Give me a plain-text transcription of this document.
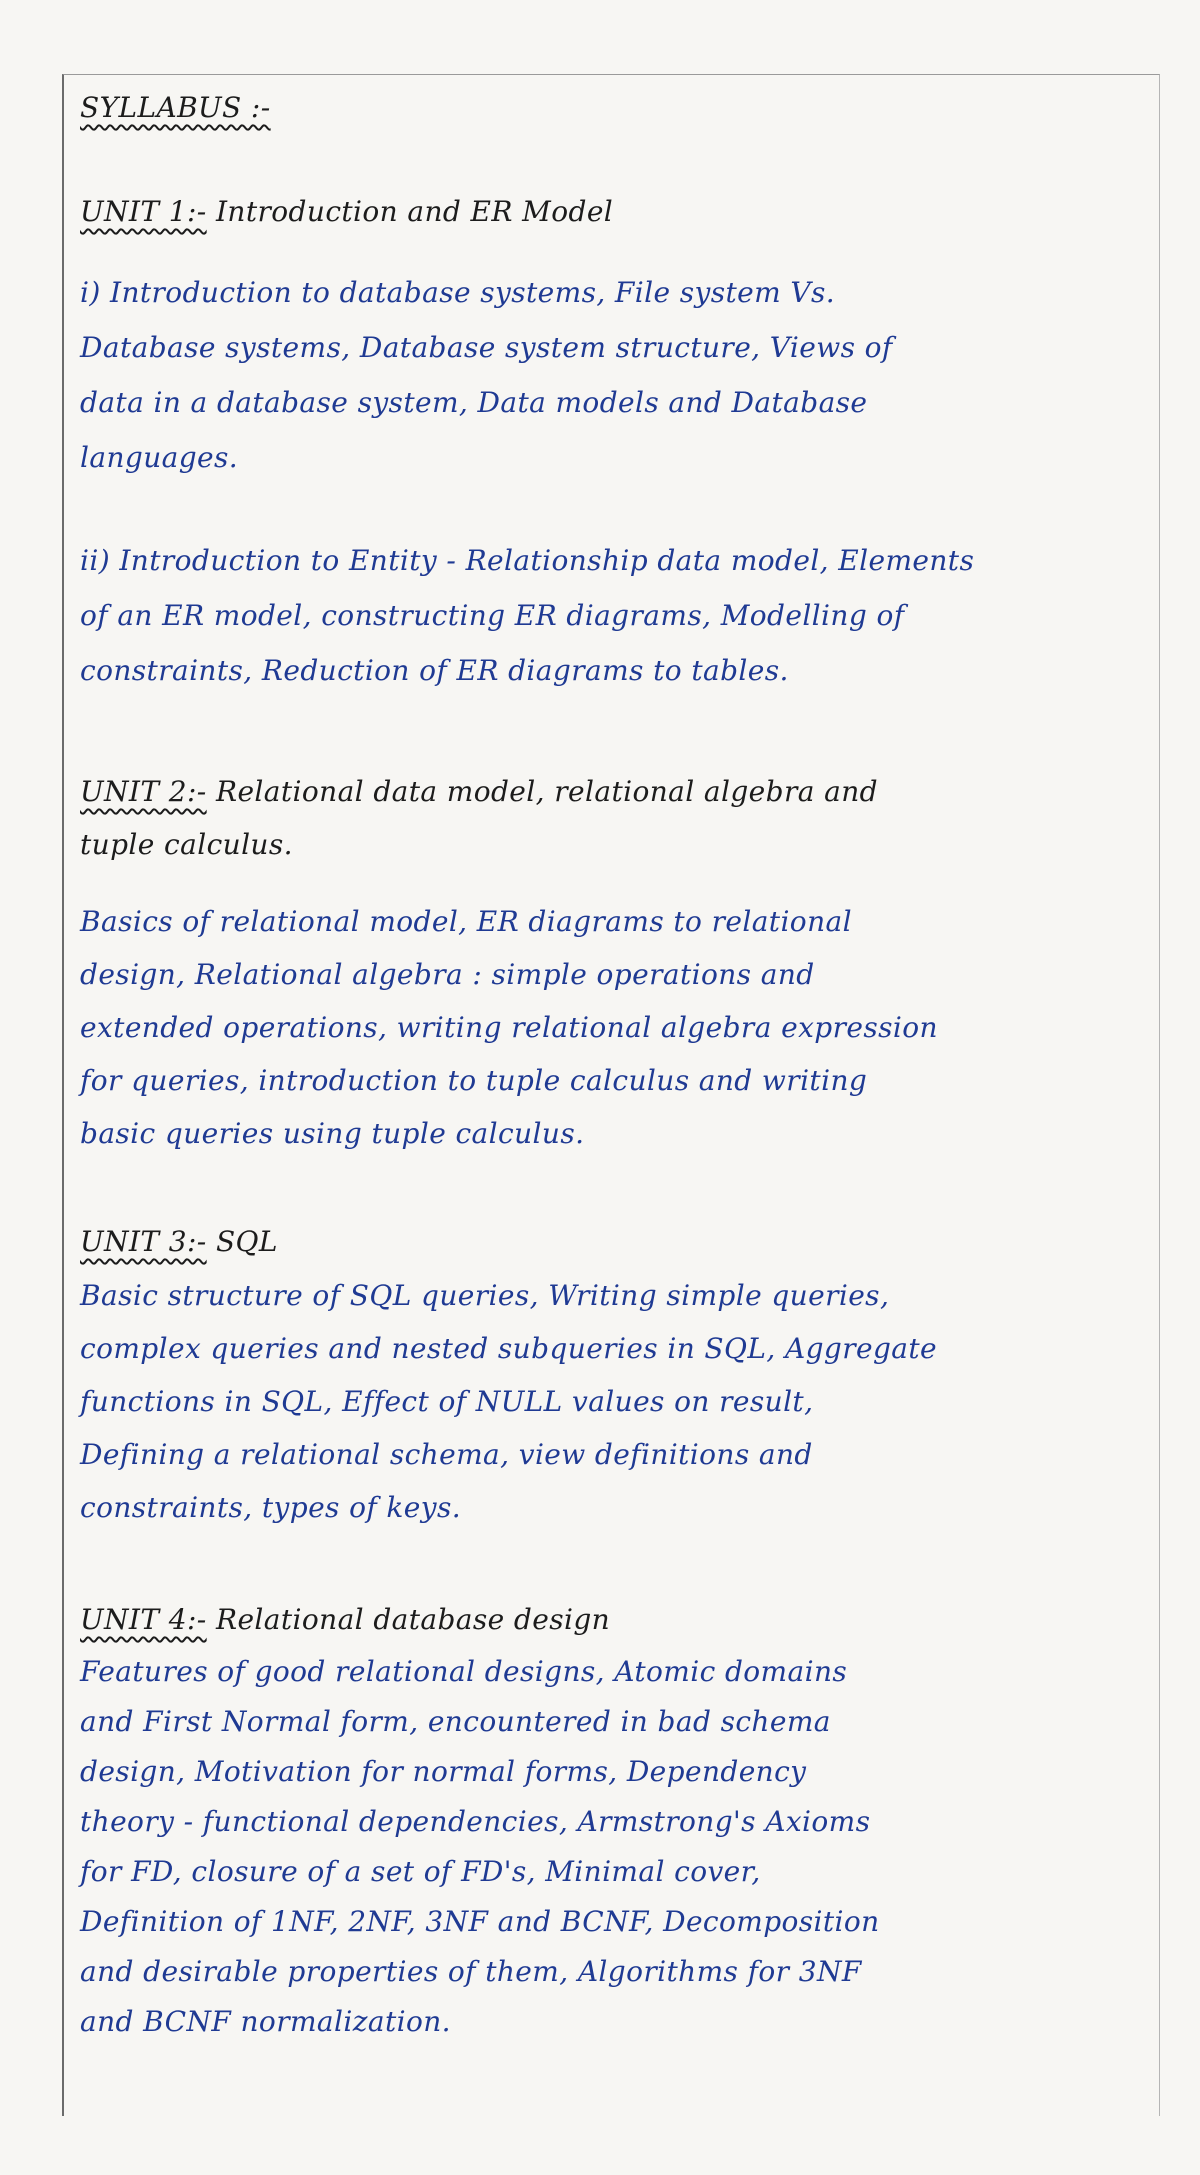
SYLLABUS :-
UNIT 1:- Introduction and ER Model
i) Introduction to database systems, File system Vs.
Database systems, Database system structure, Views of
data in a database system, Data models and Database
languages.
ii) Introduction to Entity - Relationship data model, Elements
of an ER model, constructing ER diagrams, Modelling of
constraints, Reduction of ER diagrams to tables.
UNIT 2:- Relational data model, relational algebra and
tuple calculus.
Basics of relational model, ER diagrams to relational
design, Relational algebra : simple operations and
extended operations, writing relational algebra expression
for queries, introduction to tuple calculus and writing
basic queries using tuple calculus.
UNIT 3:- SQL
Basic structure of SQL queries, Writing simple queries,
complex queries and nested subqueries in SQL, Aggregate
functions in SQL, Effect of NULL values on result,
Defining a relational schema, view definitions and
constraints, types of keys.
UNIT 4:- Relational database design
Features of good relational designs, Atomic domains
and First Normal form, encountered in bad schema
design, Motivation for normal forms, Dependency
theory - functional dependencies, Armstrong's Axioms
for FD, closure of a set of FD's, Minimal cover,
Definition of 1NF, 2NF, 3NF and BCNF, Decomposition
and desirable properties of them, Algorithms for 3NF
and BCNF normalization.
